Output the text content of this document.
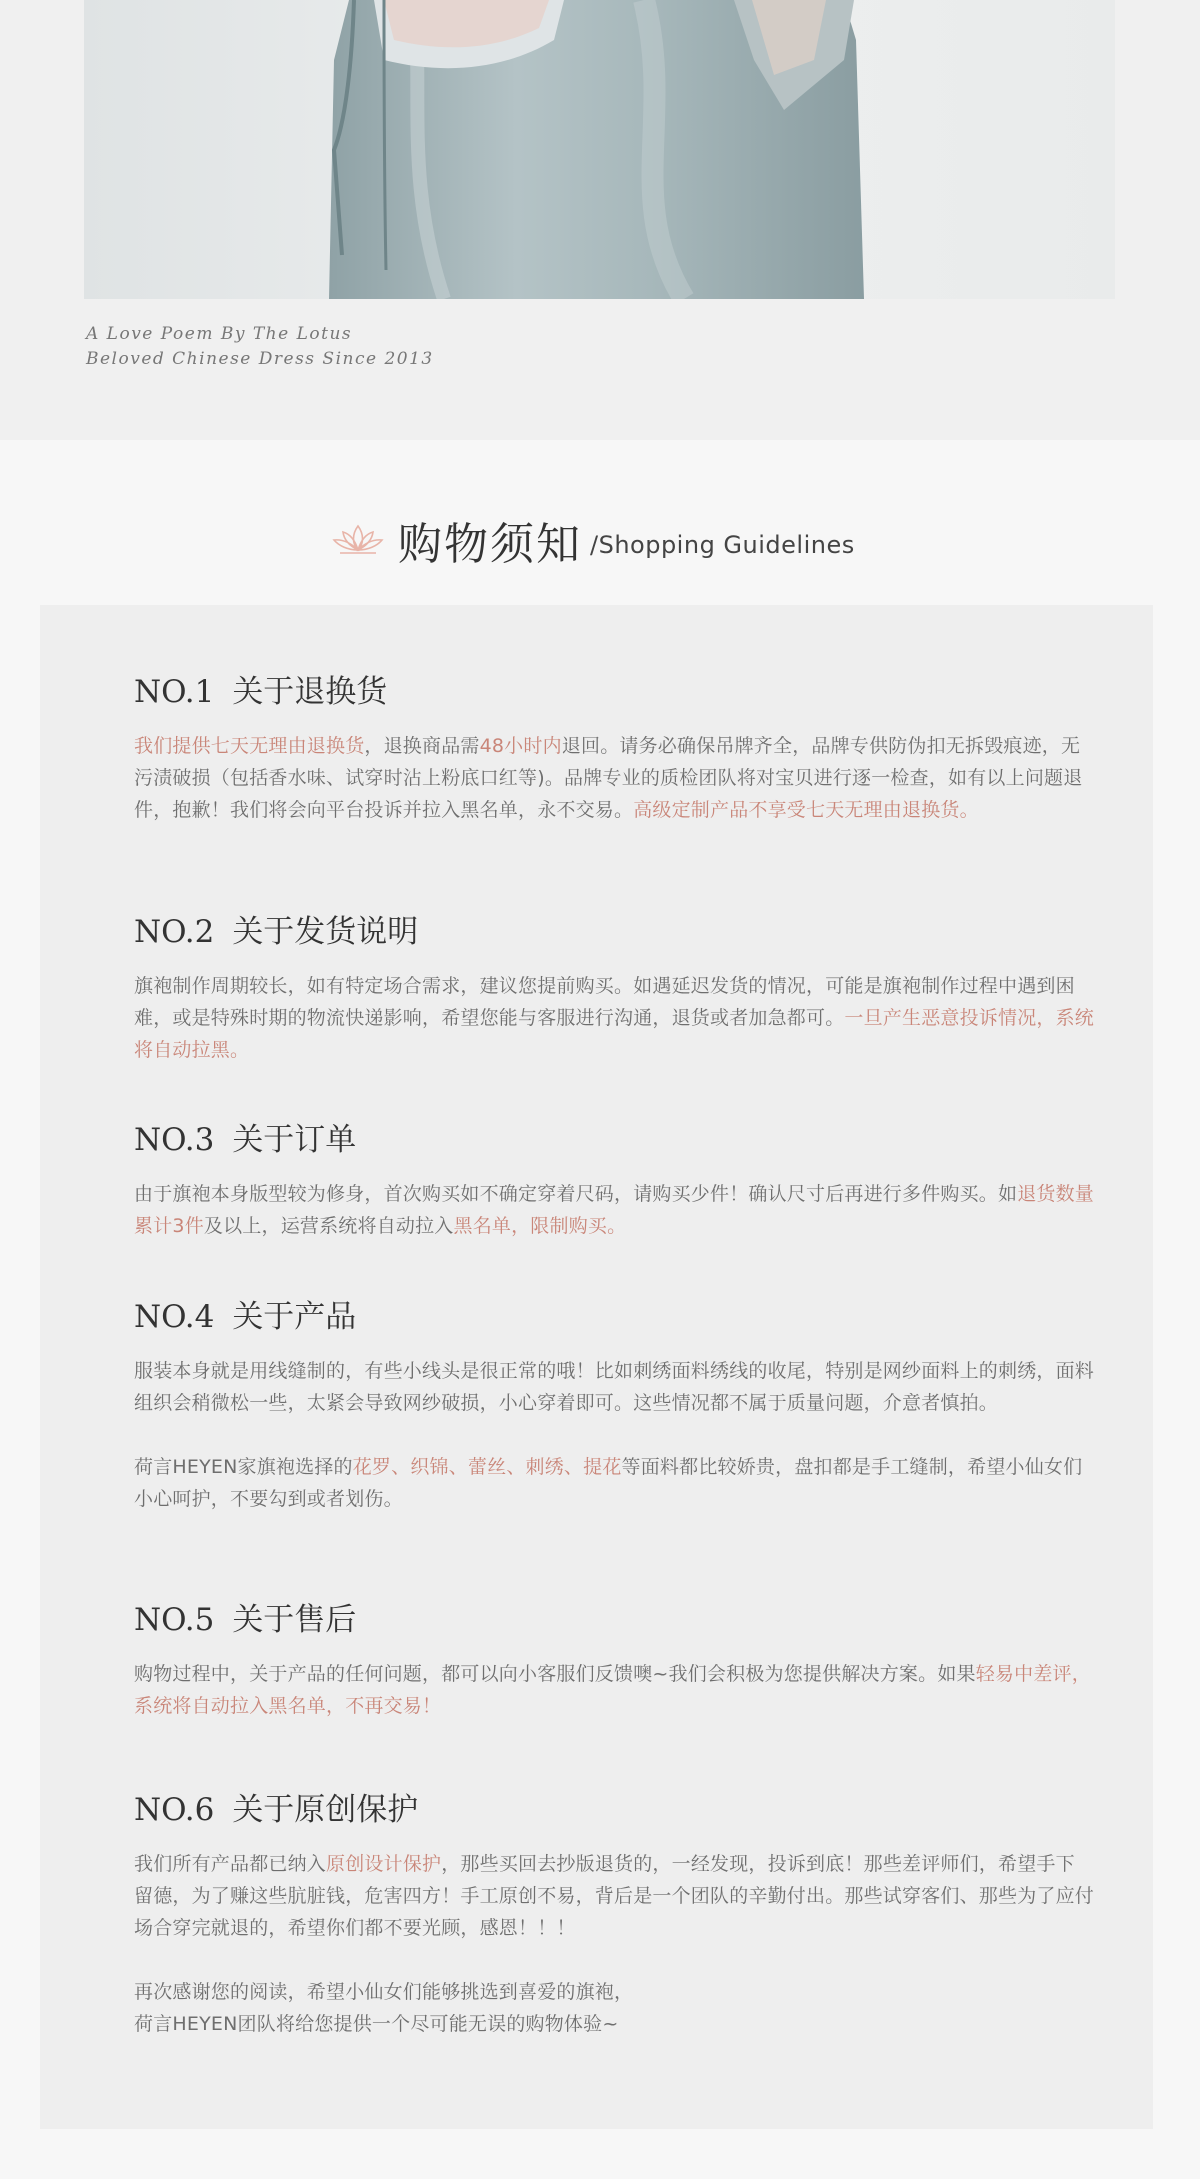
A Love Poem By The Lotus
Beloved Chinese Dress Since 2013
购物须知 /Shopping Guidelines
NO.1 关于退换货

我们提供七天无理由退换货，退换商品需48小时内退回。请务必确保吊牌齐全，品牌专供防伪扣无拆毁痕迹，无污渍破损（包括香水味、试穿时沾上粉底口红等)。品牌专业的质检团队将对宝贝进行逐一检查，如有以上问题退件，抱歉！我们将会向平台投诉并拉入黑名单，永不交易。高级定制产品不享受七天无理由退换货。

NO.2 关于发货说明

旗袍制作周期较长，如有特定场合需求，建议您提前购买。如遇延迟发货的情况，可能是旗袍制作过程中遇到困难，或是特殊时期的物流快递影响，希望您能与客服进行沟通，退货或者加急都可。一旦产生恶意投诉情况，系统将自动拉黑。

NO.3 关于订单

由于旗袍本身版型较为修身，首次购买如不确定穿着尺码，请购买少件！确认尺寸后再进行多件购买。如退货数量累计3件及以上，运营系统将自动拉入黑名单，限制购买。

NO.4 关于产品

服装本身就是用线缝制的，有些小线头是很正常的哦！比如刺绣面料绣线的收尾，特别是网纱面料上的刺绣，面料组织会稍微松一些，太紧会导致网纱破损，小心穿着即可。这些情况都不属于质量问题，介意者慎拍。

荷言HEYEN家旗袍选择的花罗、织锦、蕾丝、刺绣、提花等面料都比较娇贵，盘扣都是手工缝制，希望小仙女们小心呵护，不要勾到或者划伤。

NO.5 关于售后

购物过程中，关于产品的任何问题，都可以向小客服们反馈噢~我们会积极为您提供解决方案。如果轻易中差评，系统将自动拉入黑名单，不再交易！

NO.6 关于原创保护

我们所有产品都已纳入原创设计保护，那些买回去抄版退货的，一经发现，投诉到底！那些差评师们，希望手下留德，为了赚这些肮脏钱，危害四方！手工原创不易，背后是一个团队的辛勤付出。那些试穿客们、那些为了应付场合穿完就退的，希望你们都不要光顾，感恩！！！

再次感谢您的阅读，希望小仙女们能够挑选到喜爱的旗袍，
荷言HEYEN团队将给您提供一个尽可能无误的购物体验~
